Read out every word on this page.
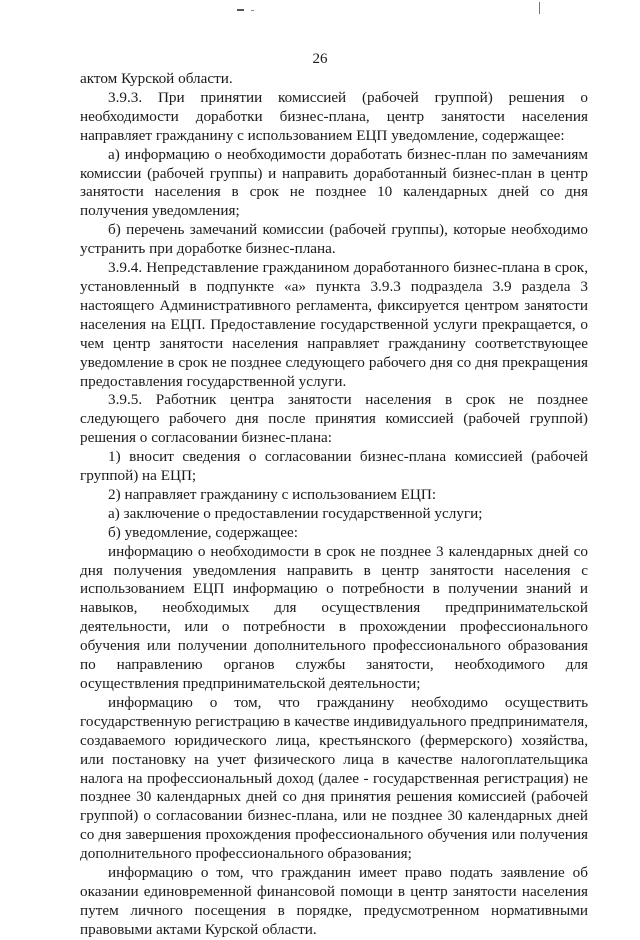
26

актом Курской области.

3.9.3. При принятии комиссией (рабочей группой) решения о необходимости доработки бизнес-плана, центр занятости населения направляет гражданину с использованием ЕЦП уведомление, содержащее:

а) информацию о необходимости доработать бизнес-план по замечаниям комиссии (рабочей группы) и направить доработанный бизнес-план в центр занятости населения в срок не позднее 10 календарных дней со дня получения уведомления;

б) перечень замечаний комиссии (рабочей группы), которые необходимо устранить при доработке бизнес-плана.

3.9.4. Непредставление гражданином доработанного бизнес-плана в срок, установленный в подпункте «а» пункта 3.9.3 подраздела 3.9 раздела 3 настоящего Административного регламента, фиксируется центром занятости населения на ЕЦП. Предоставление государственной услуги прекращается, о чем центр занятости населения направляет гражданину соответствующее уведомление в срок не позднее следующего рабочего дня со дня прекращения предоставления государственной услуги.

3.9.5. Работник центра занятости населения в срок не позднее следующего рабочего дня после принятия комиссией (рабочей группой) решения о согласовании бизнес-плана:

1) вносит сведения о согласовании бизнес-плана комиссией (рабочей группой) на ЕЦП;

2) направляет гражданину с использованием ЕЦП:

а) заключение о предоставлении государственной услуги;

б) уведомление, содержащее:

информацию о необходимости в срок не позднее 3 календарных дней со дня получения уведомления направить в центр занятости населения с использованием ЕЦП информацию о потребности в получении знаний и навыков, необходимых для осуществления предпринимательской деятельности, или о потребности в прохождении профессионального обучения или получении дополнительного профессионального образования по направлению органов службы занятости, необходимого для осуществления предпринимательской деятельности;

информацию о том, что гражданину необходимо осуществить государственную регистрацию в качестве индивидуального предпринимателя, создаваемого юридического лица, крестьянского (фермерского) хозяйства, или постановку на учет физического лица в качестве налогоплательщика налога на профессиональный доход (далее - государственная регистрация) не позднее 30 календарных дней со дня принятия решения комиссией (рабочей группой) о согласовании бизнес-плана, или не позднее 30 календарных дней со дня завершения прохождения профессионального обучения или получения дополнительного профессионального образования;

информацию о том, что гражданин имеет право подать заявление об оказании единовременной финансовой помощи в центр занятости населения путем личного посещения в порядке, предусмотренном нормативными правовыми актами Курской области.
